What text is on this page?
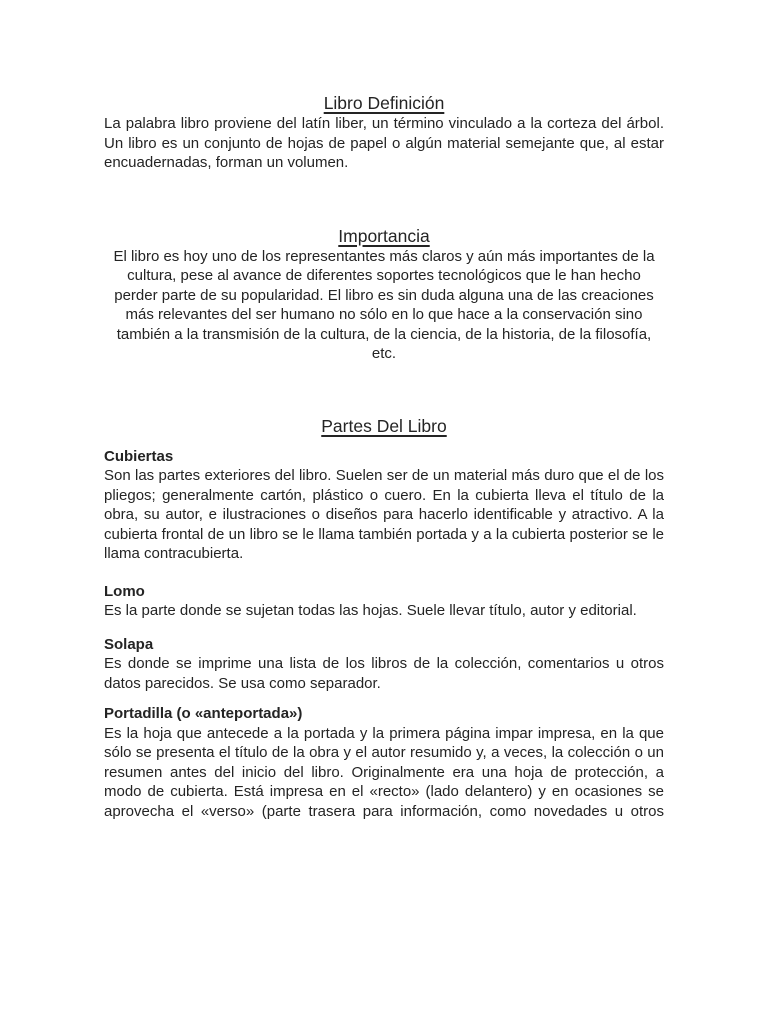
Libro Definición

La palabra libro proviene del latín liber, un término vinculado a la corteza del árbol. Un libro es un conjunto de hojas de papel o algún material semejante que, al estar encuadernadas, forman un volumen.

Importancia

El libro es hoy uno de los representantes más claros y aún más importantes de la cultura, pese al avance de diferentes soportes tecnológicos que le han hecho perder parte de su popularidad. El libro es sin duda alguna una de las creaciones más relevantes del ser humano no sólo en lo que hace a la conservación sino también a la transmisión de la cultura, de la ciencia, de la historia, de la filosofía, etc.

Partes Del Libro
Cubiertas

Son las partes exteriores del libro. Suelen ser de un material más duro que el de los pliegos; generalmente cartón, plástico o cuero. En la cubierta lleva el título de la obra, su autor, e ilustraciones o diseños para hacerlo identificable y atractivo. A la cubierta frontal de un libro se le llama también portada y a la cubierta posterior se le llama contracubierta.

Lomo

Es la parte donde se sujetan todas las hojas. Suele llevar título, autor y editorial.

Solapa

Es donde se imprime una lista de los libros de la colección, comentarios u otros datos parecidos. Se usa como separador.

Portadilla (o «anteportada»)

Es la hoja que antecede a la portada y la primera página impar impresa, en la que sólo se presenta el título de la obra y el autor resumido y, a veces, la colección o un resumen antes del inicio del libro. Originalmente era una hoja de protección, a modo de cubierta. Está impresa en el «recto» (lado delantero) y en ocasiones se aprovecha el «verso» (parte trasera para información, como novedades u otros
